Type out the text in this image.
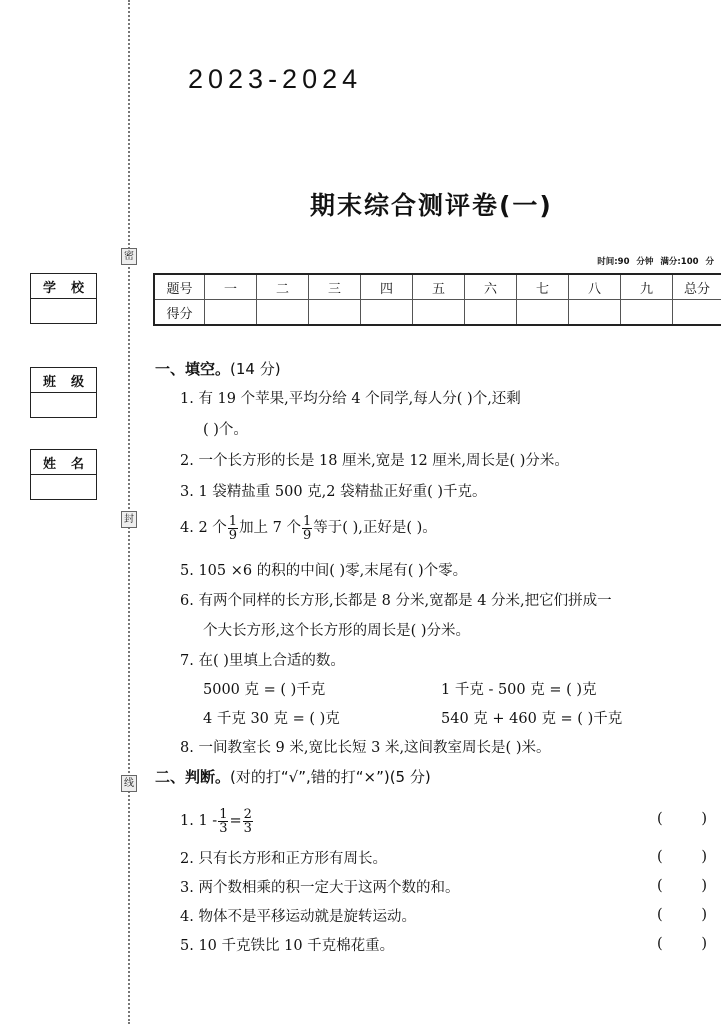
密
封
线
学 校
班 级
姓 名
2023-2024
期末综合测评卷(一)
时间:90 分钟 满分:100 分
题号	一	二	三	四	五	六	七	八	九	总分
得分										
一、填空。(14 分)
1. 有 19 个苹果,平均分给 4 个同学,每人分( )个,还剩
( )个。
2. 一个长方形的长是 18 厘米,宽是 12 厘米,周长是( )分米。
3. 1 袋精盐重 500 克,2 袋精盐正好重( )千克。
4. 2 个 $\frac{1}{9}$ 加上 7 个 $\frac{1}{9}$ 等于( ),正好是( )。
5. 105 ×6 的积的中间( )零,末尾有( )个零。
6. 有两个同样的长方形,长都是 8 分米,宽都是 4 分米,把它们拼成一
个大长方形,这个长方形的周长是( )分米。
7. 在( )里填上合适的数。
5000 克 = ( )千克	1 千克 - 500 克 = ( )克
4 千克 30 克 = ( )克	540 克 + 460 克 = ( )千克
8. 一间教室长 9 米,宽比长短 3 米,这间教室周长是( )米。
二、判断。(对的打“√”,错的打“×”)(5 分)
1. $1 - \frac{1}{3} = \frac{2}{3}$	(	)
2. 只有长方形和正方形有周长。	(	)
3. 两个数相乘的积一定大于这两个数的和。	(	)
4. 物体不是平移运动就是旋转运动。	(	)
5. 10 千克铁比 10 千克棉花重。	(	)
